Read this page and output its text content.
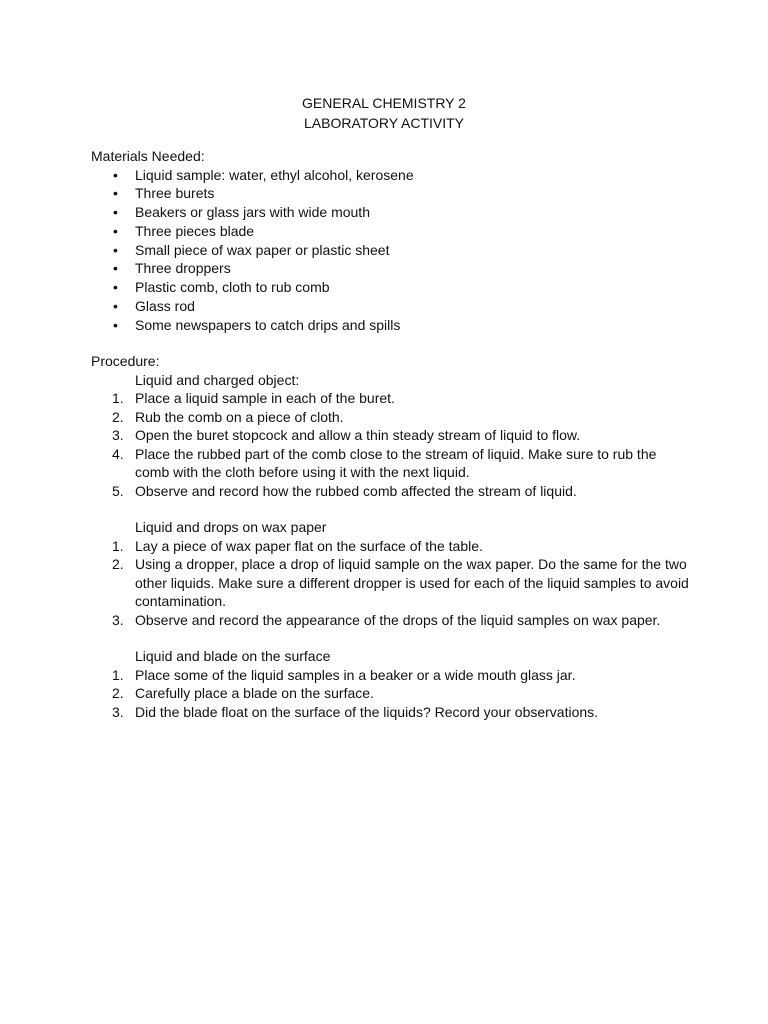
GENERAL CHEMISTRY 2
LABORATORY ACTIVITY
Materials Needed:
• Liquid sample: water, ethyl alcohol, kerosene
• Three burets
• Beakers or glass jars with wide mouth
• Three pieces blade
• Small piece of wax paper or plastic sheet
• Three droppers
• Plastic comb, cloth to rub comb
• Glass rod
• Some newspapers to catch drips and spills
Procedure:
Liquid and charged object:
1. Place a liquid sample in each of the buret.
2. Rub the comb on a piece of cloth.
3. Open the buret stopcock and allow a thin steady stream of liquid to flow.
4. Place the rubbed part of the comb close to the stream of liquid. Make sure to rub the comb with the cloth before using it with the next liquid.
5. Observe and record how the rubbed comb affected the stream of liquid.
Liquid and drops on wax paper
1. Lay a piece of wax paper flat on the surface of the table.
2. Using a dropper, place a drop of liquid sample on the wax paper. Do the same for the two other liquids. Make sure a different dropper is used for each of the liquid samples to avoid contamination.
3. Observe and record the appearance of the drops of the liquid samples on wax paper.
Liquid and blade on the surface
1. Place some of the liquid samples in a beaker or a wide mouth glass jar.
2. Carefully place a blade on the surface.
3. Did the blade float on the surface of the liquids? Record your observations.
